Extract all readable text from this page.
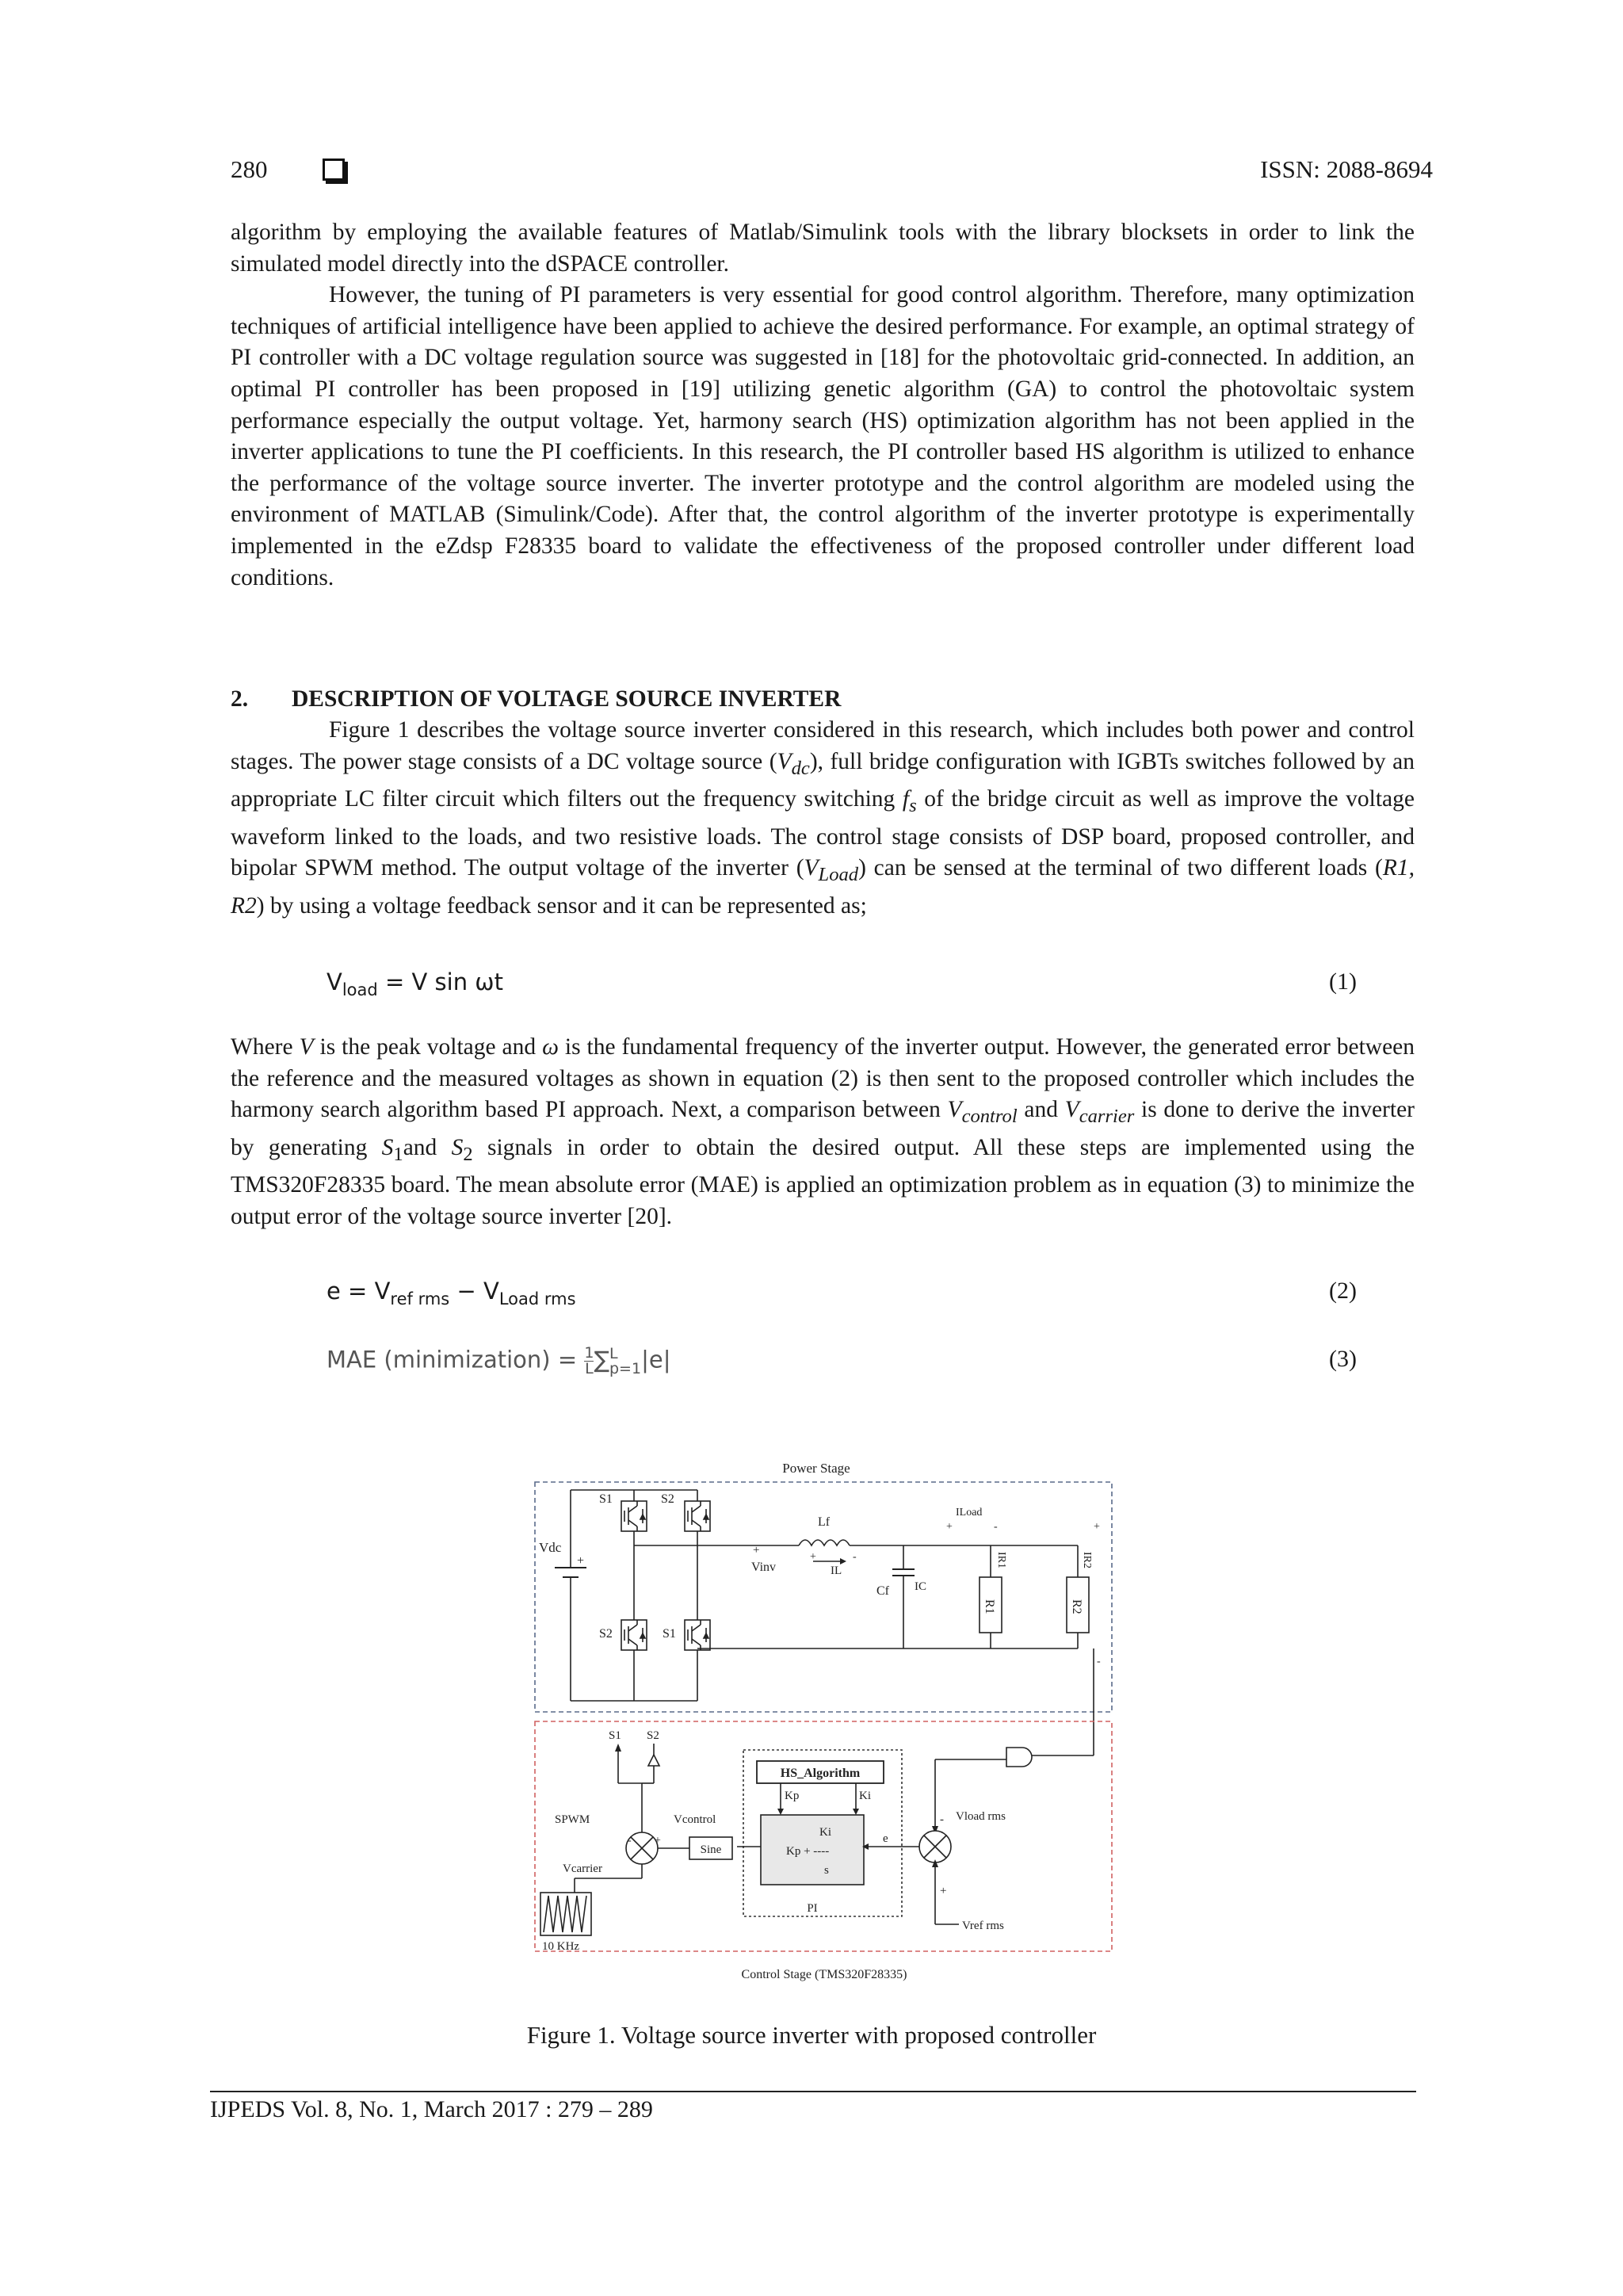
280	ISSN: 2088-8694

algorithm by employing the available features of Matlab/Simulink tools with the library blocksets in order to link the simulated model directly into the dSPACE controller.

However, the tuning of PI parameters is very essential for good control algorithm. Therefore, many optimization techniques of artificial intelligence have been applied to achieve the desired performance. For example, an optimal strategy of PI controller with a DC voltage regulation source was suggested in [18] for the photovoltaic grid-connected. In addition, an optimal PI controller has been proposed in [19] utilizing genetic algorithm (GA) to control the photovoltaic system performance especially the output voltage. Yet, harmony search (HS) optimization algorithm has not been applied in the inverter applications to tune the PI coefficients. In this research, the PI controller based HS algorithm is utilized to enhance the performance of the voltage source inverter. The inverter prototype and the control algorithm are modeled using the environment of MATLAB (Simulink/Code). After that, the control algorithm of the inverter prototype is experimentally implemented in the eZdsp F28335 board to validate the effectiveness of the proposed controller under different load conditions.

2. DESCRIPTION OF VOLTAGE SOURCE INVERTER

Figure 1 describes the voltage source inverter considered in this research, which includes both power and control stages. The power stage consists of a DC voltage source $(V_{dc})$, full bridge configuration with IGBTs switches followed by an appropriate LC filter circuit which filters out the frequency switching $f_s$ of the bridge circuit as well as improve the voltage waveform linked to the loads, and two resistive loads. The control stage consists of DSP board, proposed controller, and bipolar SPWM method. The output voltage of the inverter $(V_{Load})$ can be sensed at the terminal of two different loads (R1, R2) by using a voltage feedback sensor and it can be represented as;

$V_{load} = V$ sin ωt	(1)

Where V is the peak voltage and ω is the fundamental frequency of the inverter output. However, the generated error between the reference and the measured voltages as shown in equation (2) is then sent to the proposed controller which includes the harmony search algorithm based PI approach. Next, a comparison between $V_{control}$ and $V_{carrier}$ is done to derive the inverter by generating $S_1and$ $S_2$ signals in order to obtain the desired output. All these steps are implemented using the TMS320F28335 board. The mean absolute error (MAE) is applied an optimization problem as in equation (3) to minimize the output error of the voltage source inverter [20].

$e = V_{ref rms} - V_{Load rms}$	(2)
MAE (minimization) = $\frac{1}{L}$ ∑ L
p=1 |e|	(3)
Power Stage
Vdc
+
S1	S2
S2	S1
Lf
Vinv
+
IL
+	-
Cf IC
R1	R2
IR1	IR2
ILoad
+	-	+
-
Control Stage (TMS320F28335)
- Vload rms
+
Vref rms
e
HS_Algorithm
Kp	Ki
Ki
Kp + ----
s
PI
Sine
Vcontrol
+
-
SPWM
Vcarrier
S1 S2
10 KHz
Figure 1. Voltage source inverter with proposed controller
IJPEDS Vol. 8, No. 1, March 2017 : 279 – 289
